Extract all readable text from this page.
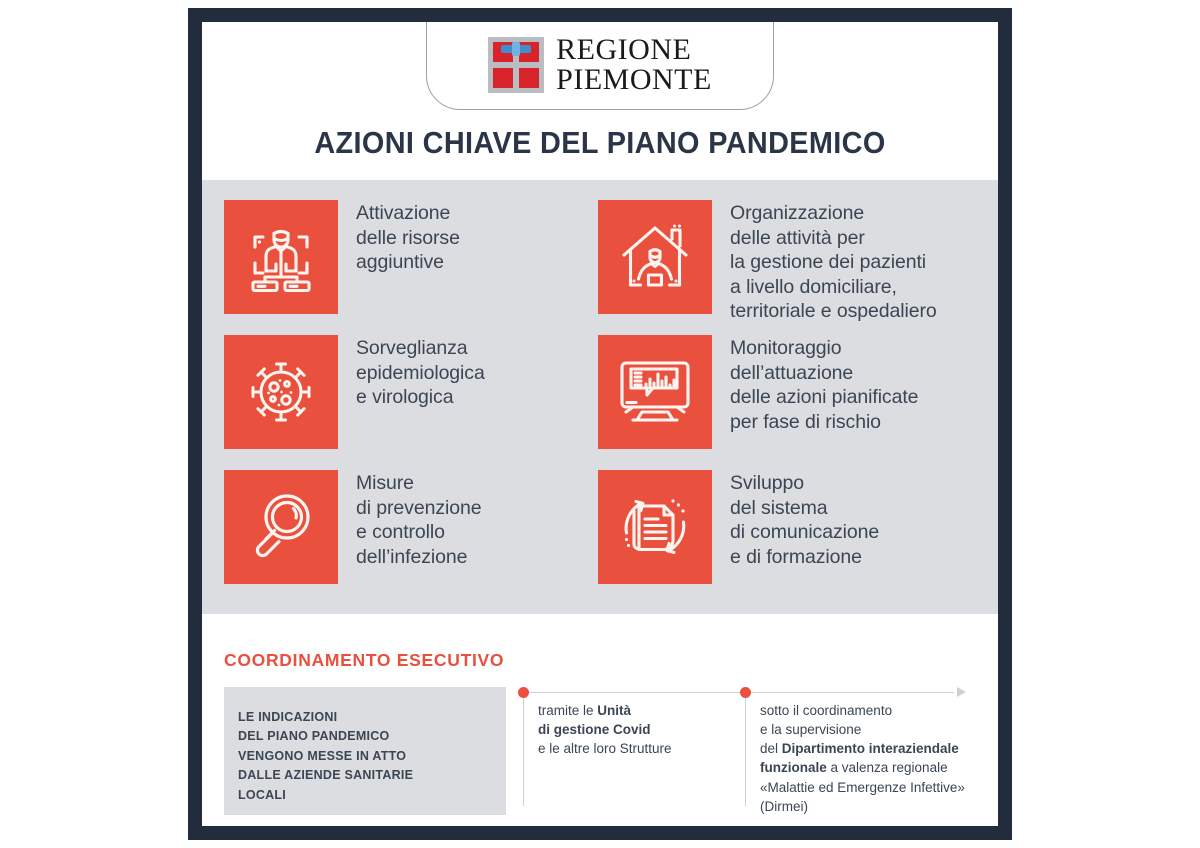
REGIONE
PIEMONTE
AZIONI CHIAVE DEL PIANO PANDEMICO
Attivazione
delle risorse
aggiuntive
Organizzazione
delle attività per
la gestione dei pazienti
a livello domiciliare,
territoriale e ospedaliero
Sorveglianza
epidemiologica
e virologica
Monitoraggio
dell’attuazione
delle azioni pianificate
per fase di rischio
Misure
di prevenzione
e controllo
dell’infezione
Sviluppo
del sistema
di comunicazione
e di formazione
COORDINAMENTO ESECUTIVO
LE INDICAZIONI
DEL PIANO PANDEMICO
VENGONO MESSE IN ATTO
DALLE AZIENDE SANITARIE
LOCALI
tramite le Unità
di gestione Covid
e le altre loro Strutture
sotto il coordinamento
e la supervisione
del Dipartimento interaziendale
funzionale a valenza regionale
«Malattie ed Emergenze Infettive»
(Dirmei)
